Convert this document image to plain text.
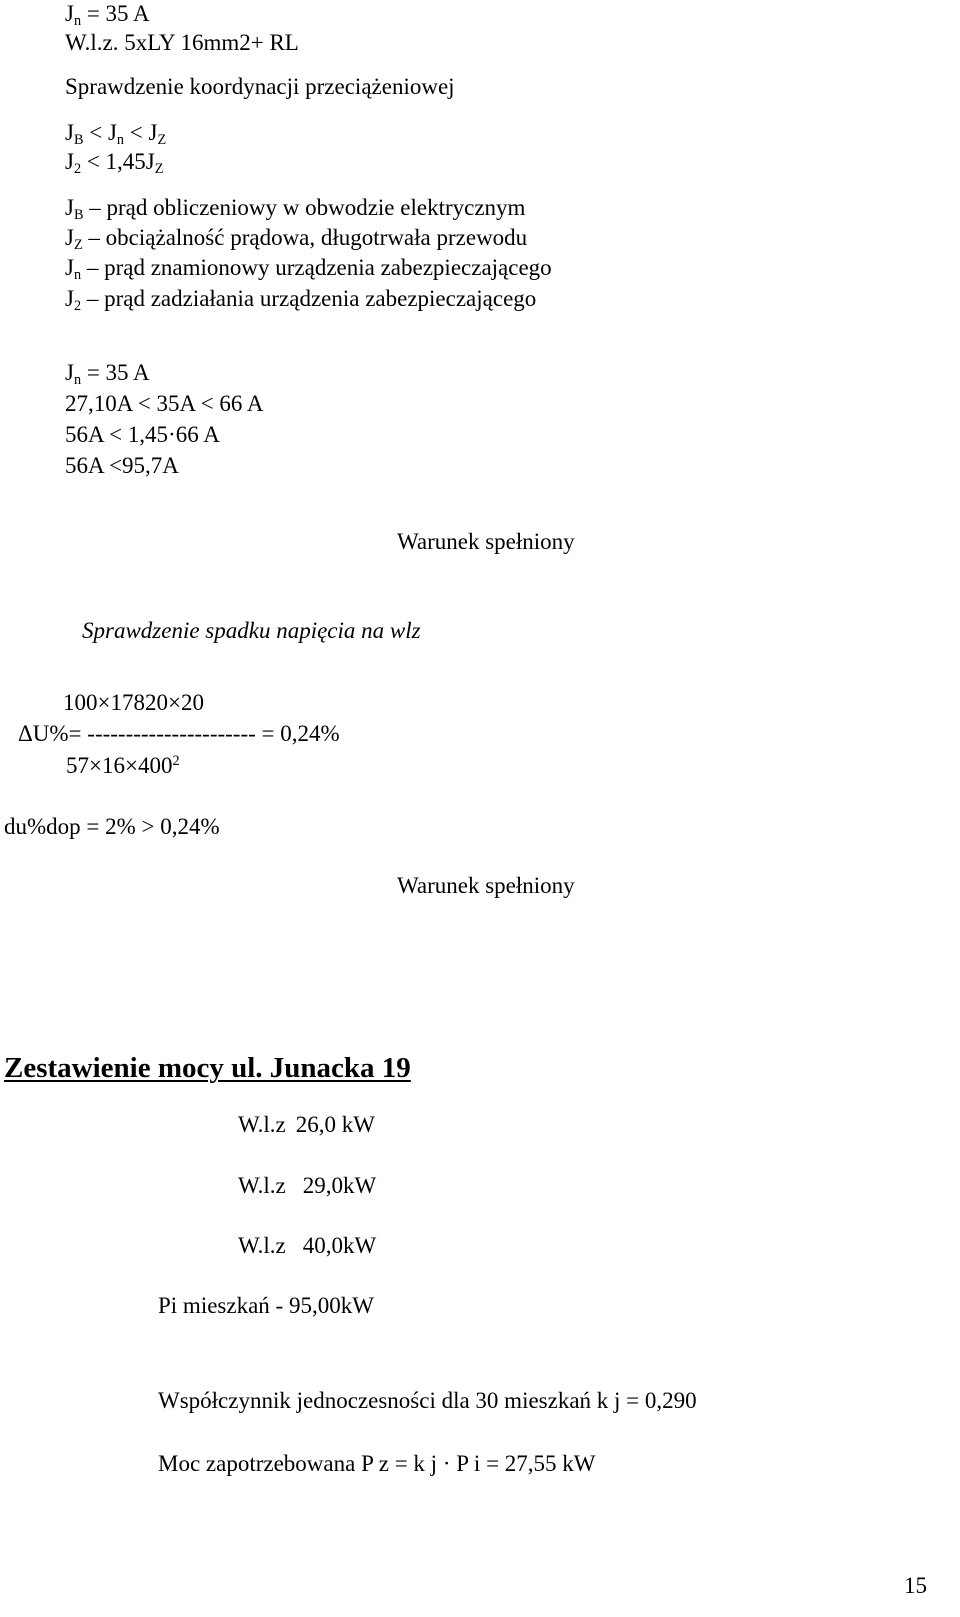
$J_n = 35$ A
W.l.z. 5xLY 16mm2+ RL
Sprawdzenie koordynacji przeciążeniowej
$J_B < J_n < J_Z$
$J_2 < 1,45J_Z$
$J_B$ – prąd obliczeniowy w obwodzie elektrycznym
$J_Z$ – obciążalność prądowa, długotrwała przewodu
$J_n$ – prąd znamionowy urządzenia zabezpieczającego
$J_2$ – prąd zadziałania urządzenia zabezpieczającego
$J_n = 35$ A
27,10A < 35A < 66 A
56A < 1,45·66 A
56A <95,7A
Warunek spełniony
Sprawdzenie spadku napięcia na wlz
100×17820×20
ΔU%= ---------------------- = 0,24%
$57\times 16\times 400^2$
du%dop = 2% > 0,24%
Warunek spełniony
Zestawienie mocy ul. Junacka 19
W.l.z 26,0 kW
W.l.z 29,0kW
W.l.z 40,0kW
Pi mieszkań - 95,00kW
Współczynnik jednoczesności dla 30 mieszkań k j = 0,290
Moc zapotrzebowana P z = k j · P i = 27,55 kW
15
